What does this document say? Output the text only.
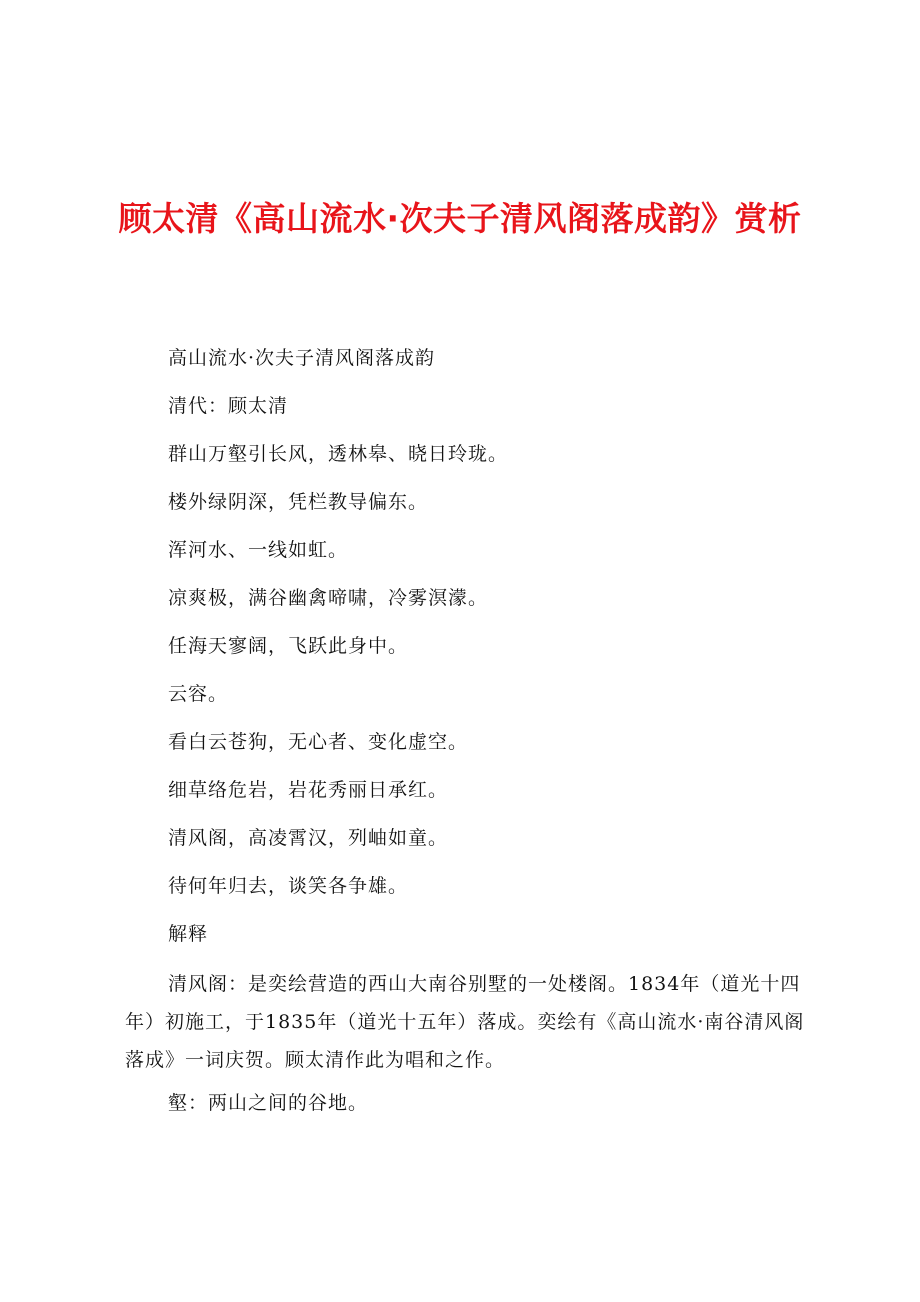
顾太清《高山流水·次夫子清风阁落成韵》赏析
高山流水·次夫子清风阁落成韵
清代：顾太清
群山万壑引长风，透林皋、晓日玲珑。
楼外绿阴深，凭栏教导偏东。
浑河水、一线如虹。
凉爽极，满谷幽禽啼啸，冷雾溟濛。
任海天寥阔，飞跃此身中。
云容。
看白云苍狗，无心者、变化虚空。
细草络危岩，岩花秀丽日承红。
清风阁，高凌霄汉，列岫如童。
待何年归去，谈笑各争雄。
解释
清风阁：是奕绘营造的西山大南谷别墅的一处楼阁。1834年（道光十四年）初施工，于1835年（道光十五年）落成。奕绘有《高山流水·南谷清风阁落成》一词庆贺。顾太清作此为唱和之作。
壑：两山之间的谷地。
